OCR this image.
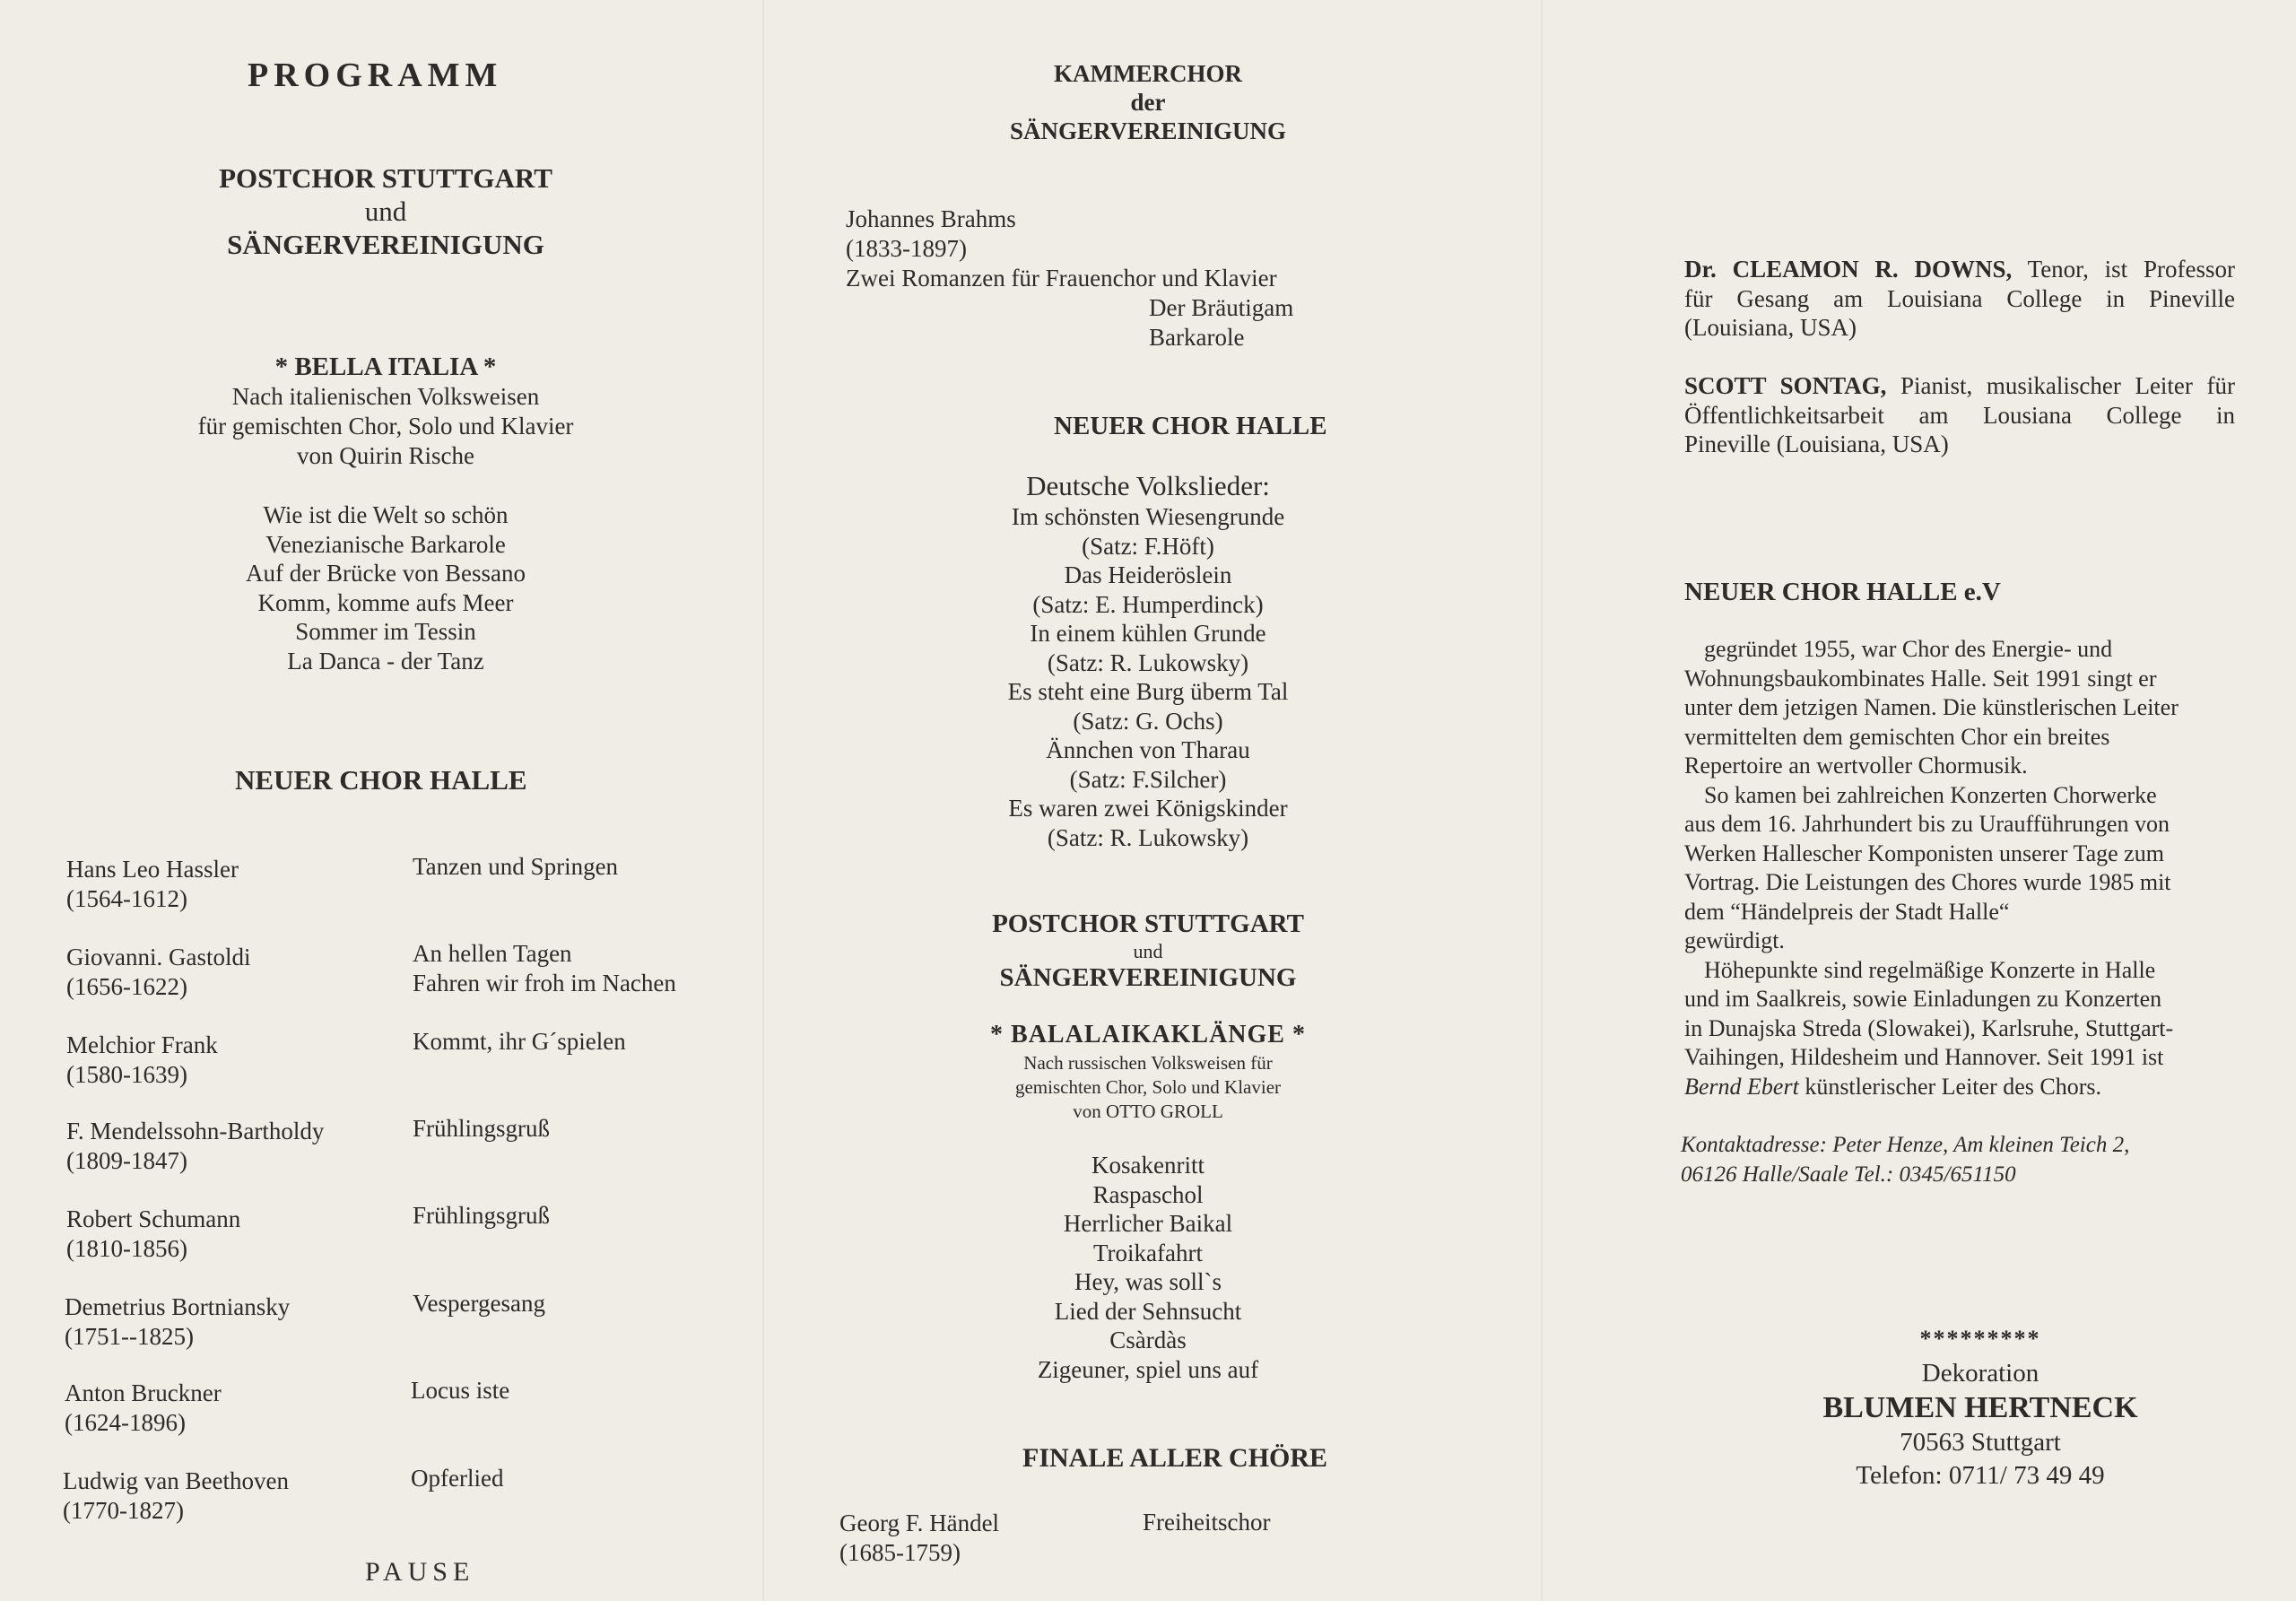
PROGRAMM
POSTCHOR STUTTGART
und
SÄNGERVEREINIGUNG
* BELLA ITALIA *
Nach italienischen Volksweisen
für gemischten Chor, Solo und Klavier
von Quirin Rische
Wie ist die Welt so schön
Venezianische Barkarole
Auf der Brücke von Bessano
Komm, komme aufs Meer
Sommer im Tessin
La Danca - der Tanz
NEUER CHOR HALLE
Hans Leo Hassler
(1564-1612)
Tanzen und Springen
Giovanni. Gastoldi
(1656-1622)
An hellen Tagen
Fahren wir froh im Nachen
Melchior Frank
(1580-1639)
Kommt, ihr G´spielen
F. Mendelssohn-Bartholdy
(1809-1847)
Frühlingsgruß
Robert Schumann
(1810-1856)
Frühlingsgruß
Demetrius Bortniansky
(1751--1825)
Vespergesang
Anton Bruckner
(1624-1896)
Locus iste
Ludwig van Beethoven
(1770-1827)
Opferlied
PAUSE
KAMMERCHOR
der
SÄNGERVEREINIGUNG
Johannes Brahms
(1833-1897)
Zwei Romanzen für Frauenchor und Klavier
Der Bräutigam
Barkarole
NEUER CHOR HALLE
Deutsche Volkslieder:
Im schönsten Wiesengrunde
(Satz: F.Höft)
Das Heideröslein
(Satz: E. Humperdinck)
In einem kühlen Grunde
(Satz: R. Lukowsky)
Es steht eine Burg überm Tal
(Satz: G. Ochs)
Ännchen von Tharau
(Satz: F.Silcher)
Es waren zwei Königskinder
(Satz: R. Lukowsky)
POSTCHOR STUTTGART
und
SÄNGERVEREINIGUNG
* BALALAIKAKLÄNGE *
Nach russischen Volksweisen für
gemischten Chor, Solo und Klavier
von OTTO GROLL
Kosakenritt
Raspaschol
Herrlicher Baikal
Troikafahrt
Hey, was soll`s
Lied der Sehnsucht
Csàrdàs
Zigeuner, spiel uns auf
FINALE ALLER CHÖRE
Georg F. Händel
(1685-1759)
Freiheitschor
Dr. CLEAMON R. DOWNS, Tenor, ist Professor
für Gesang am Louisiana College in Pineville
(Louisiana, USA)
SCOTT SONTAG, Pianist, musikalischer Leiter für
Öffentlichkeitsarbeit am Lousiana College in
Pineville (Louisiana, USA)
NEUER CHOR HALLE e.V
gegründet 1955, war Chor des Energie- und
Wohnungsbaukombinates Halle. Seit 1991 singt er
unter dem jetzigen Namen. Die künstlerischen Leiter
vermittelten dem gemischten Chor ein breites
Repertoire an wertvoller Chormusik.
So kamen bei zahlreichen Konzerten Chorwerke
aus dem 16. Jahrhundert bis zu Uraufführungen von
Werken Hallescher Komponisten unserer Tage zum
Vortrag. Die Leistungen des Chores wurde 1985 mit
dem “Händelpreis der Stadt Halle“
gewürdigt.
Höhepunkte sind regelmäßige Konzerte in Halle
und im Saalkreis, sowie Einladungen zu Konzerten
in Dunajska Streda (Slowakei), Karlsruhe, Stuttgart-
Vaihingen, Hildesheim und Hannover. Seit 1991 ist
Bernd Ebert künstlerischer Leiter des Chors.
Kontaktadresse: Peter Henze, Am kleinen Teich 2,
06126 Halle/Saale Tel.: 0345/651150
*********
Dekoration
BLUMEN HERTNECK
70563 Stuttgart
Telefon: 0711/ 73 49 49
